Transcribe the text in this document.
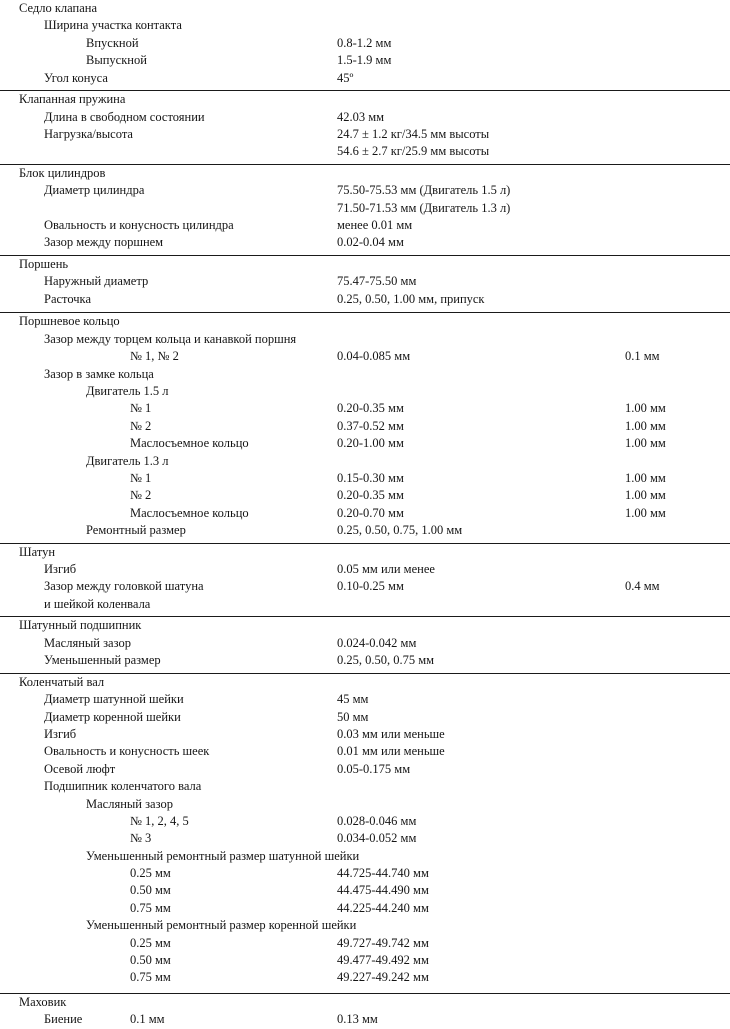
Седло клапана
Ширина участка контакта
Впускной	0.8-1.2 мм
Выпускной	1.5-1.9 мм
Угол конуса	45º
Клапанная пружина
Длина в свободном состоянии	42.03 мм
Нагрузка/высота	24.7 ± 1.2 кг/34.5 мм высоты
54.6 ± 2.7 кг/25.9 мм высоты
Блок цилиндров
Диаметр цилиндра	75.50-75.53 мм (Двигатель 1.5 л)
71.50-71.53 мм (Двигатель 1.3 л)
Овальность и конусность цилиндра	менее 0.01 мм
Зазор между поршнем	0.02-0.04 мм
Поршень
Наружный диаметр	75.47-75.50 мм
Расточка	0.25, 0.50, 1.00 мм, припуск
Поршневое кольцо
Зазор между торцем кольца и канавкой поршня
№ 1, № 2	0.04-0.085 мм	0.1 мм
Зазор в замке кольца
Двигатель 1.5 л
№ 1	0.20-0.35 мм	1.00 мм
№ 2	0.37-0.52 мм	1.00 мм
Маслосъемное кольцо	0.20-1.00 мм	1.00 мм
Двигатель 1.3 л
№ 1	0.15-0.30 мм	1.00 мм
№ 2	0.20-0.35 мм	1.00 мм
Маслосъемное кольцо	0.20-0.70 мм	1.00 мм
Ремонтный размер	0.25, 0.50, 0.75, 1.00 мм
Шатун
Изгиб	0.05 мм или менее
Зазор между головкой шатуна	0.10-0.25 мм	0.4 мм
и шейкой коленвала
Шатунный подшипник
Масляный зазор	0.024-0.042 мм
Уменьшенный размер	0.25, 0.50, 0.75 мм
Коленчатый вал
Диаметр шатунной шейки	45 мм
Диаметр коренной шейки	50 мм
Изгиб	0.03 мм или меньше
Овальность и конусность шеек	0.01 мм или меньше
Осевой люфт	0.05-0.175 мм
Подшипник коленчатого вала
Масляный зазор
№ 1, 2, 4, 5	0.028-0.046 мм
№ 3	0.034-0.052 мм
Уменьшенный ремонтный размер шатунной шейки
0.25 мм	44.725-44.740 мм
0.50 мм	44.475-44.490 мм
0.75 мм	44.225-44.240 мм
Уменьшенный ремонтный размер коренной шейки
0.25 мм	49.727-49.742 мм
0.50 мм	49.477-49.492 мм
0.75 мм	49.227-49.242 мм
Маховик
Биение	0.1 мм	0.13 мм
